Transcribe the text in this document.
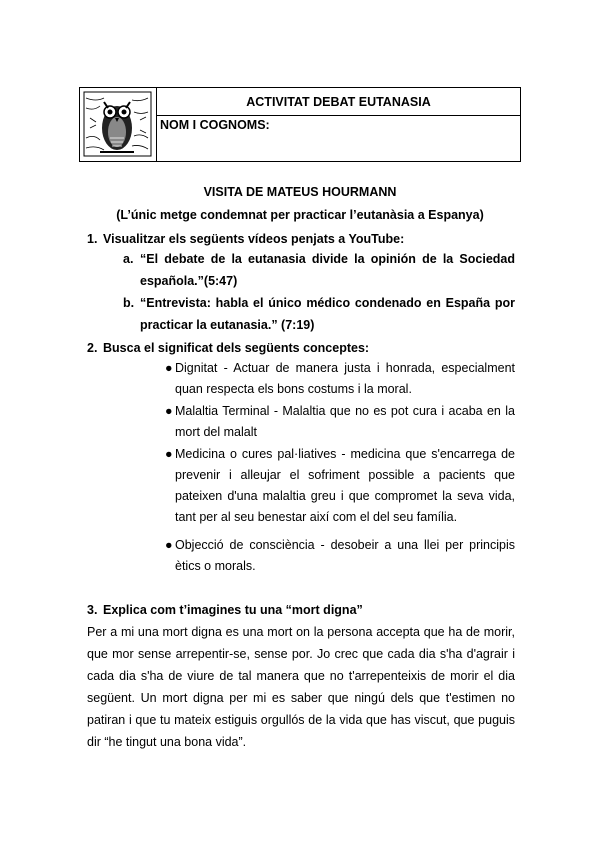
ACTIVITAT DEBAT EUTANASIA
NOM I COGNOMS:
VISITA DE MATEUS HOURMANN
(L’únic metge condemnat per practicar l’eutanàsia a Espanya)
1. Visualitzar els següents vídeos penjats a YouTube:
a. “El debate de la eutanasia divide la opinión de la Sociedad española.”(5:47)
b. “Entrevista: habla el único médico condenado en España por practicar la eutanasia.” (7:19)
2. Busca el significat dels següents conceptes:
● Dignitat - Actuar de manera justa i honrada, especialment quan respecta els bons costums i la moral.
● Malaltia Terminal - Malaltia que no es pot cura i acaba en la mort del malalt
● Medicina o cures pal·liatives - medicina que s'encarrega de prevenir i alleujar el sofriment possible a pacients que pateixen d'una malaltia greu i que compromet la seva vida, tant per al seu benestar així com el del seu família.
● Objecció de consciència - desobeir a una llei per principis ètics o morals.
3. Explica com t’imagines tu una “mort digna”
Per a mi una mort digna es una mort on la persona accepta que ha de morir, que mor sense arrepentir-se, sense por. Jo crec que cada dia s'ha d'agrair i cada dia s'ha de viure de tal manera que no t'arrepenteixis de morir el dia següent. Un mort digna per mi es saber que ningú dels que t'estimen no patiran i que tu mateix estiguis orgullós de la vida que has viscut, que puguis dir “he tingut una bona vida”.
